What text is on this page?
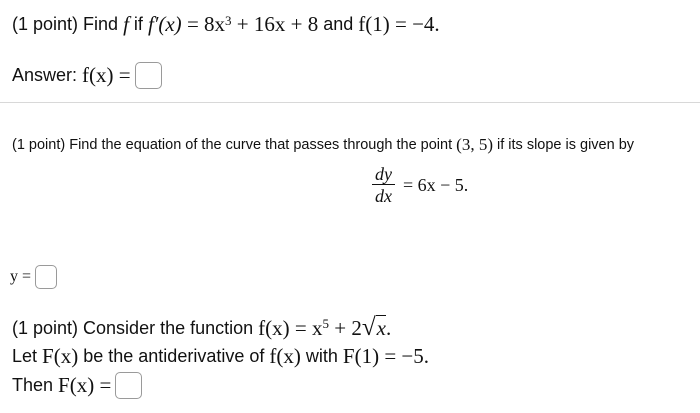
(1 point) Find
f if $f'(x) = 8x^3 + 16x + 8$ and f(1) = −4.
Answer:
f(x) =
(1 point) Find the equation of the curve that passes through the point
(3, 5)
if its slope is given by
$\frac{dy}{dx} = 6x - 5$.
y =
(1 point) Consider the function
$f(x) = x^5 + 2$ √x .
Let
F(x)
be the antiderivative of
f(x)
with
F(1) = −5.
Then
F(x) =
